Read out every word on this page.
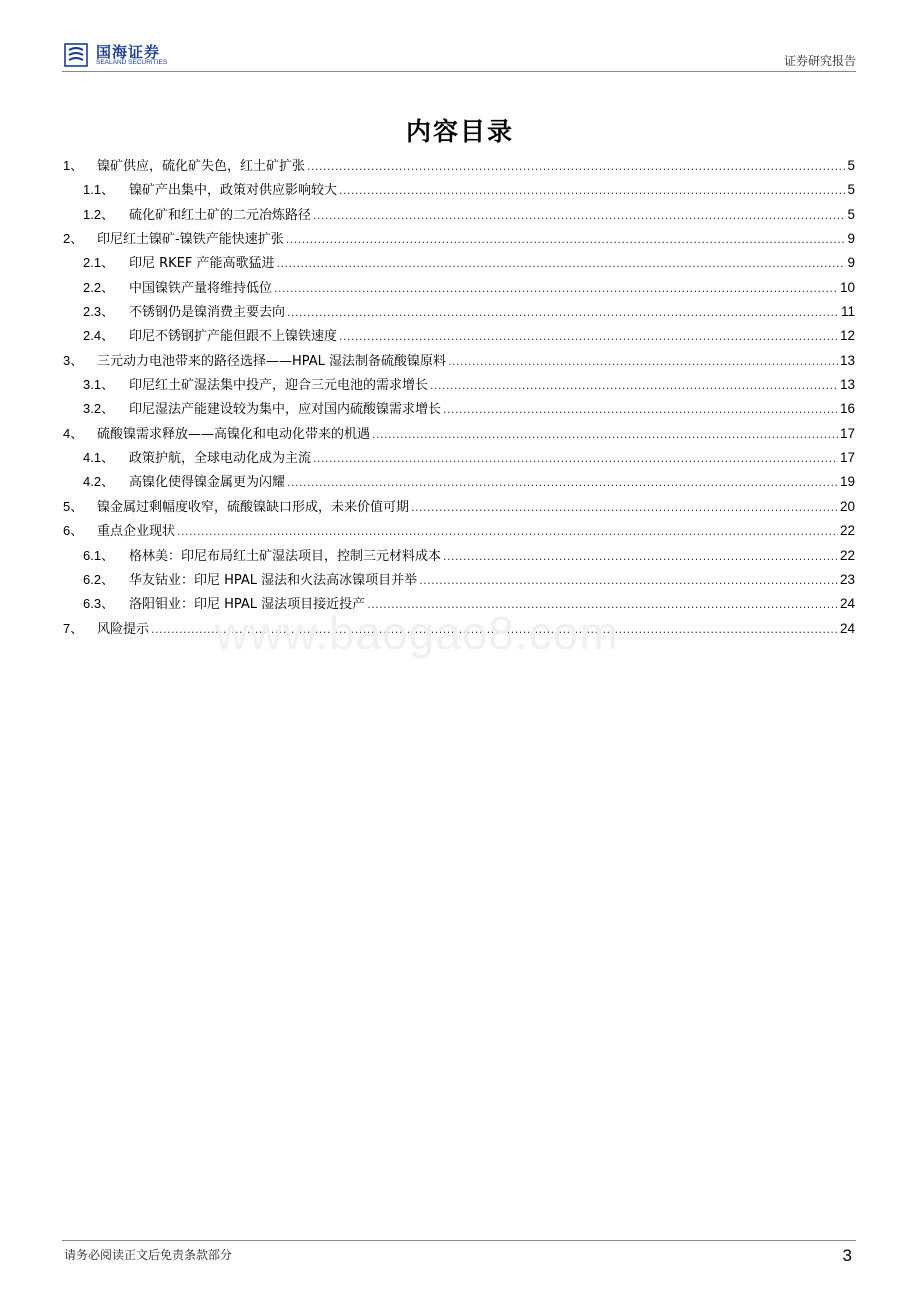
国海证券
SEALAND SECURITIES	证券研究报告
内容目录
1、	镍矿供应，硫化矿失色，红土矿扩张 .....	5
1.1、	镍矿产出集中，政策对供应影响较大 .....	5
1.2、	硫化矿和红土矿的二元冶炼路径 .....	5
2、	印尼红土镍矿-镍铁产能快速扩张 .....	9
2.1、	印尼 RKEF 产能高歌猛进 .....	9
2.2、	中国镍铁产量将维持低位 .....	10
2.3、	不锈钢仍是镍消费主要去向 .....	11
2.4、	印尼不锈钢扩产能但跟不上镍铁速度 .....	12
3、	三元动力电池带来的路径选择——HPAL 湿法制备硫酸镍原料 .....	13
3.1、	印尼红土矿湿法集中投产，迎合三元电池的需求增长 .....	13
3.2、	印尼湿法产能建设较为集中，应对国内硫酸镍需求增长 .....	16
4、	硫酸镍需求释放——高镍化和电动化带来的机遇 .....	17
4.1、	政策护航，全球电动化成为主流 .....	17
4.2、	高镍化使得镍金属更为闪耀 .....	19
5、	镍金属过剩幅度收窄，硫酸镍缺口形成，未来价值可期 .....	20
6、	重点企业现状 .....	22
6.1、	格林美：印尼布局红土矿湿法项目，控制三元材料成本 .....	22
6.2、	华友钴业：印尼 HPAL 湿法和火法高冰镍项目并举 .....	23
6.3、	洛阳钼业：印尼 HPAL 湿法项目接近投产 .....	24
7、	风险提示 .....	24
www.baogao8.com
请务必阅读正文后免责条款部分	3
